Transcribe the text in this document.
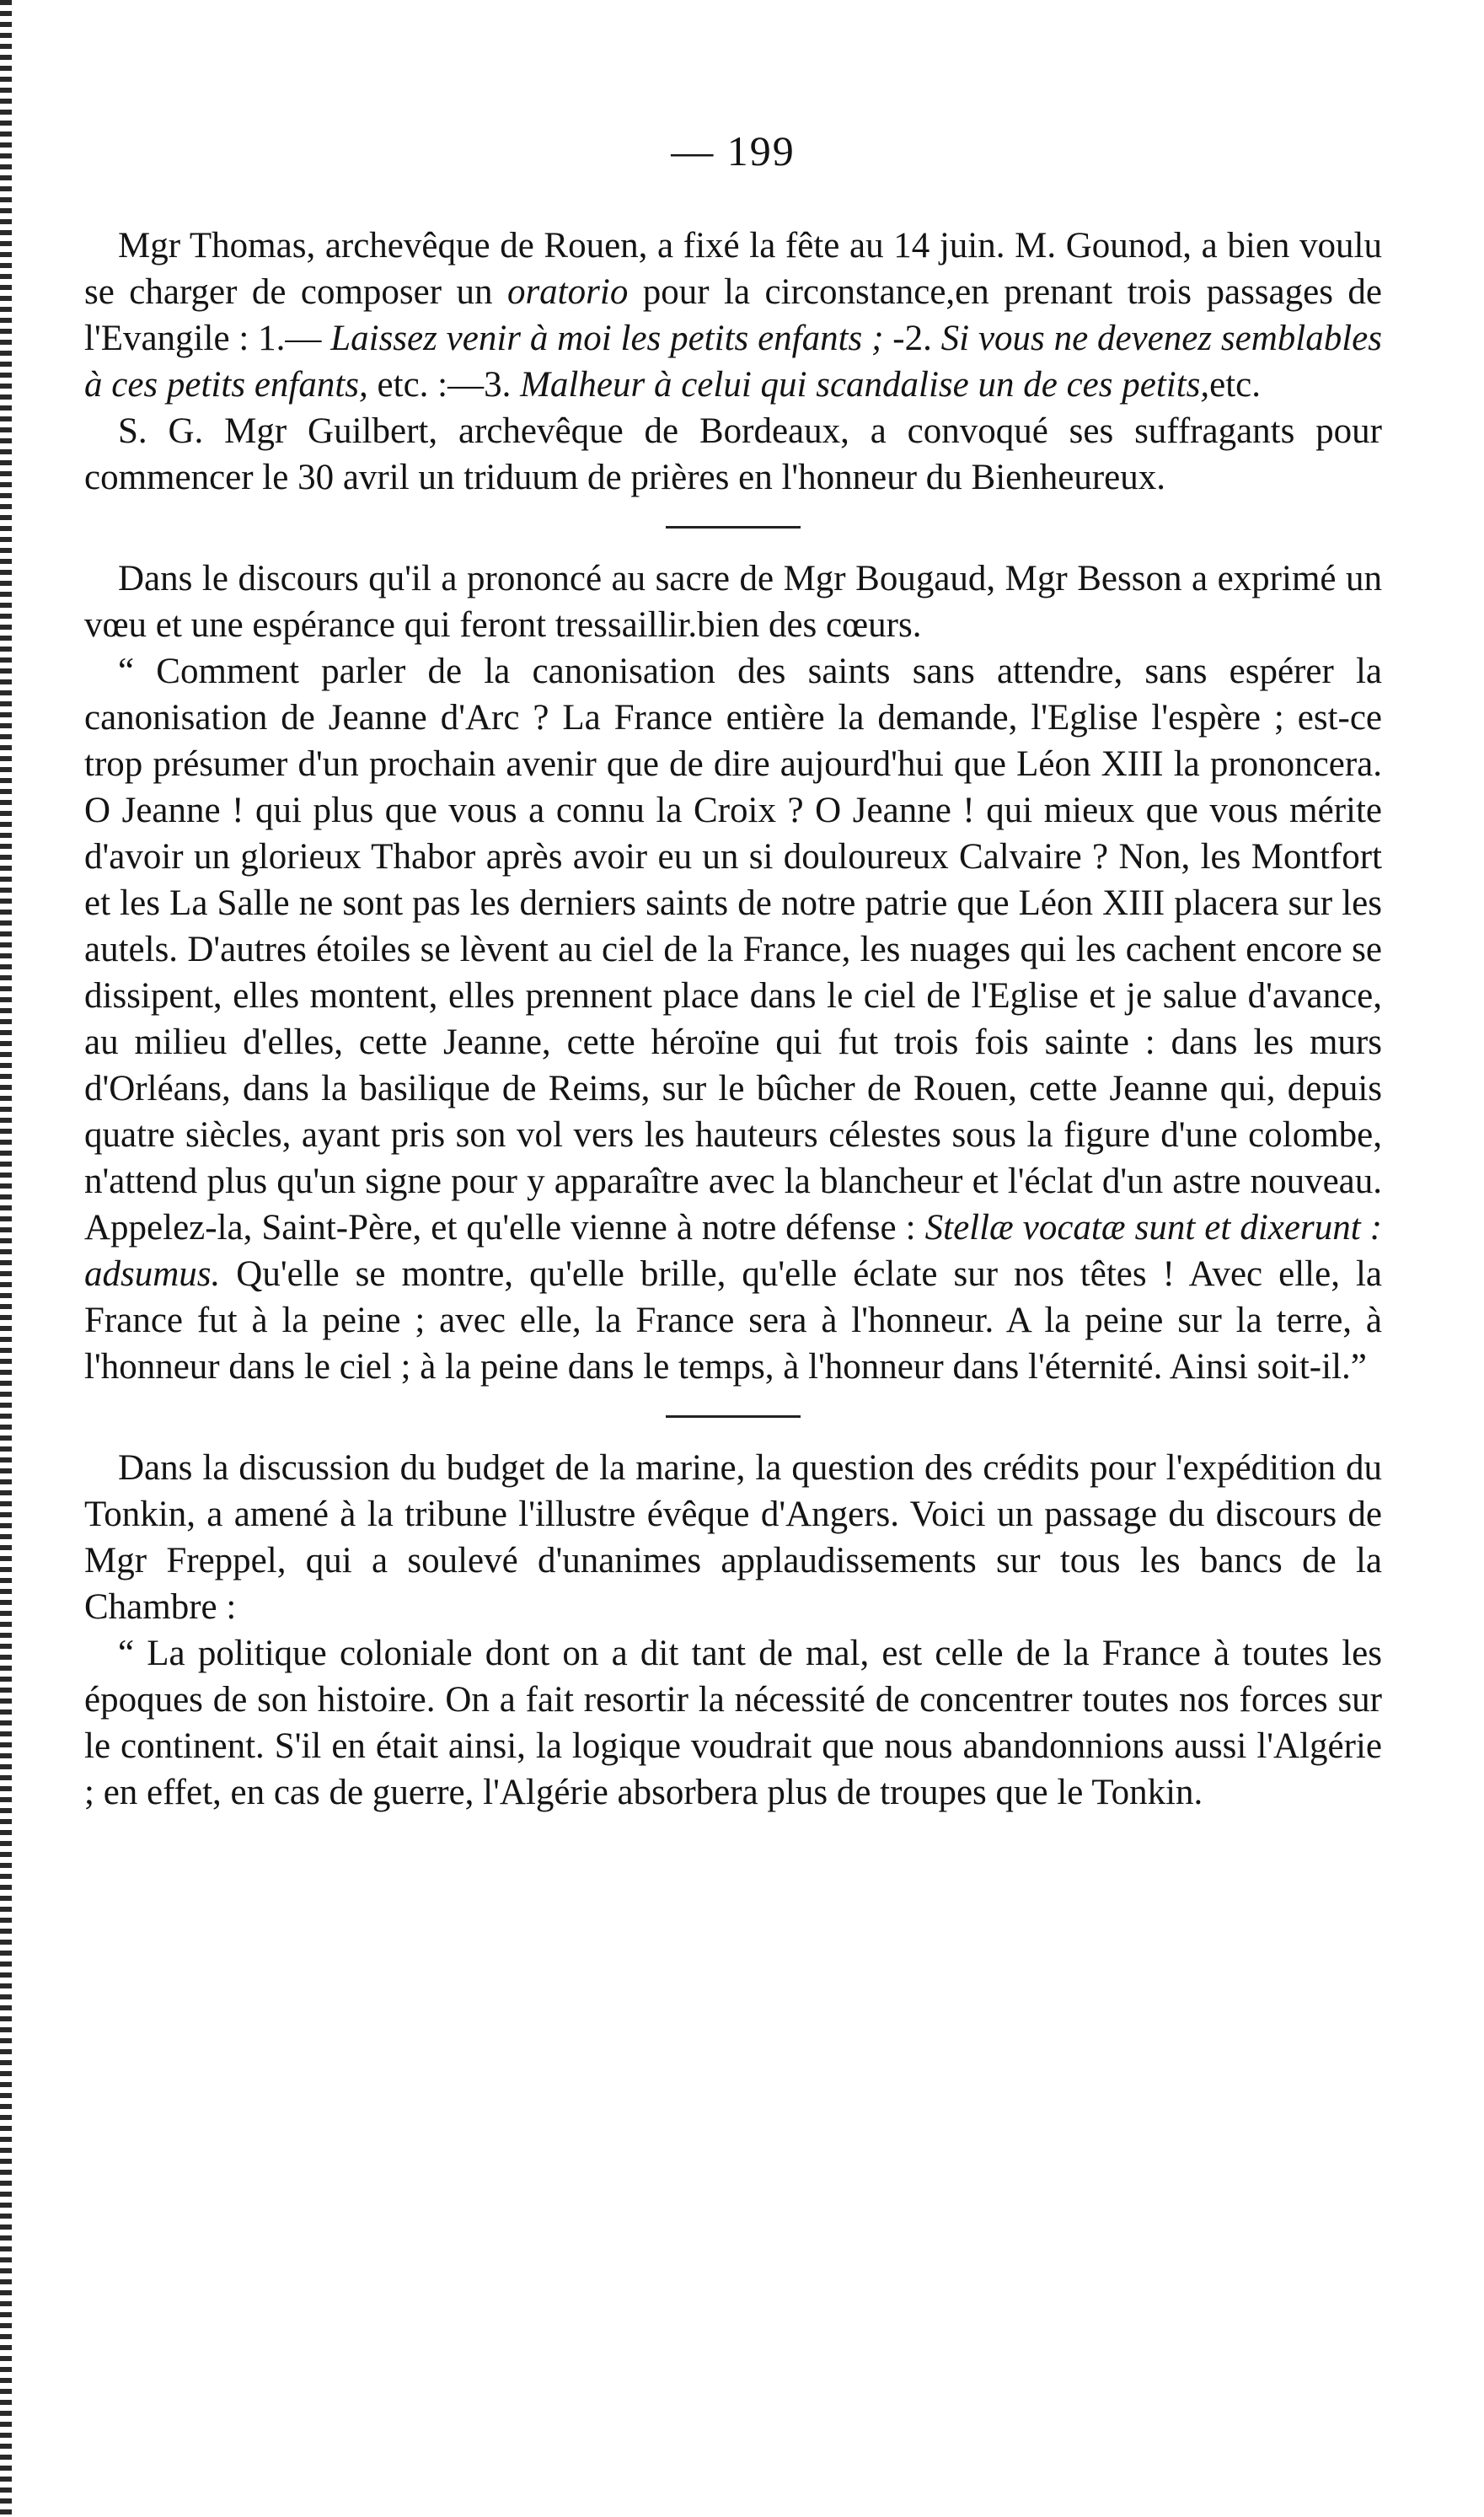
— 199

Mgr Thomas, archevêque de Rouen, a fixé la fête au 14 juin. M. Gounod, a bien voulu se charger de composer un oratorio pour la circonstance,en prenant trois passages de l'Evangile : 1.— Laissez venir à moi les petits enfants ; -2. Si vous ne devenez semblables à ces petits enfants, etc. :—3. Malheur à celui qui scandalise un de ces petits,etc.

S. G. Mgr Guilbert, archevêque de Bordeaux, a convoqué ses suffragants pour commencer le 30 avril un triduum de prières en l'honneur du Bienheureux.

Dans le discours qu'il a prononcé au sacre de Mgr Bougaud, Mgr Besson a exprimé un vœu et une espérance qui feront tressaillir.bien des cœurs.

“ Comment parler de la canonisation des saints sans attendre, sans espérer la canonisation de Jeanne d'Arc ? La France entière la demande, l'Eglise l'espère ; est-ce trop présumer d'un prochain avenir que de dire aujourd'hui que Léon XIII la prononcera. O Jeanne ! qui plus que vous a connu la Croix ? O Jeanne ! qui mieux que vous mérite d'avoir un glorieux Thabor après avoir eu un si douloureux Calvaire ? Non, les Montfort et les La Salle ne sont pas les derniers saints de notre patrie que Léon XIII placera sur les autels. D'autres étoiles se lèvent au ciel de la France, les nuages qui les cachent encore se dissipent, elles montent, elles prennent place dans le ciel de l'Eglise et je salue d'avance, au milieu d'elles, cette Jeanne, cette héroïne qui fut trois fois sainte : dans les murs d'Orléans, dans la basilique de Reims, sur le bûcher de Rouen, cette Jeanne qui, depuis quatre siècles, ayant pris son vol vers les hauteurs célestes sous la figure d'une colombe, n'attend plus qu'un signe pour y apparaître avec la blancheur et l'éclat d'un astre nouveau. Appelez-la, Saint-Père, et qu'elle vienne à notre défense : Stellæ vocatæ sunt et dixerunt : adsumus. Qu'elle se montre, qu'elle brille, qu'elle éclate sur nos têtes ! Avec elle, la France fut à la peine ; avec elle, la France sera à l'honneur. A la peine sur la terre, à l'honneur dans le ciel ; à la peine dans le temps, à l'honneur dans l'éternité. Ainsi soit-il.”

Dans la discussion du budget de la marine, la question des crédits pour l'expédition du Tonkin, a amené à la tribune l'illustre évêque d'Angers. Voici un passage du discours de Mgr Freppel, qui a soulevé d'unanimes applaudissements sur tous les bancs de la Chambre :

“ La politique coloniale dont on a dit tant de mal, est celle de la France à toutes les époques de son histoire. On a fait resortir la nécessité de concentrer toutes nos forces sur le continent. S'il en était ainsi, la logique voudrait que nous abandonnions aussi l'Algérie ; en effet, en cas de guerre, l'Algérie absorbera plus de troupes que le Tonkin.
